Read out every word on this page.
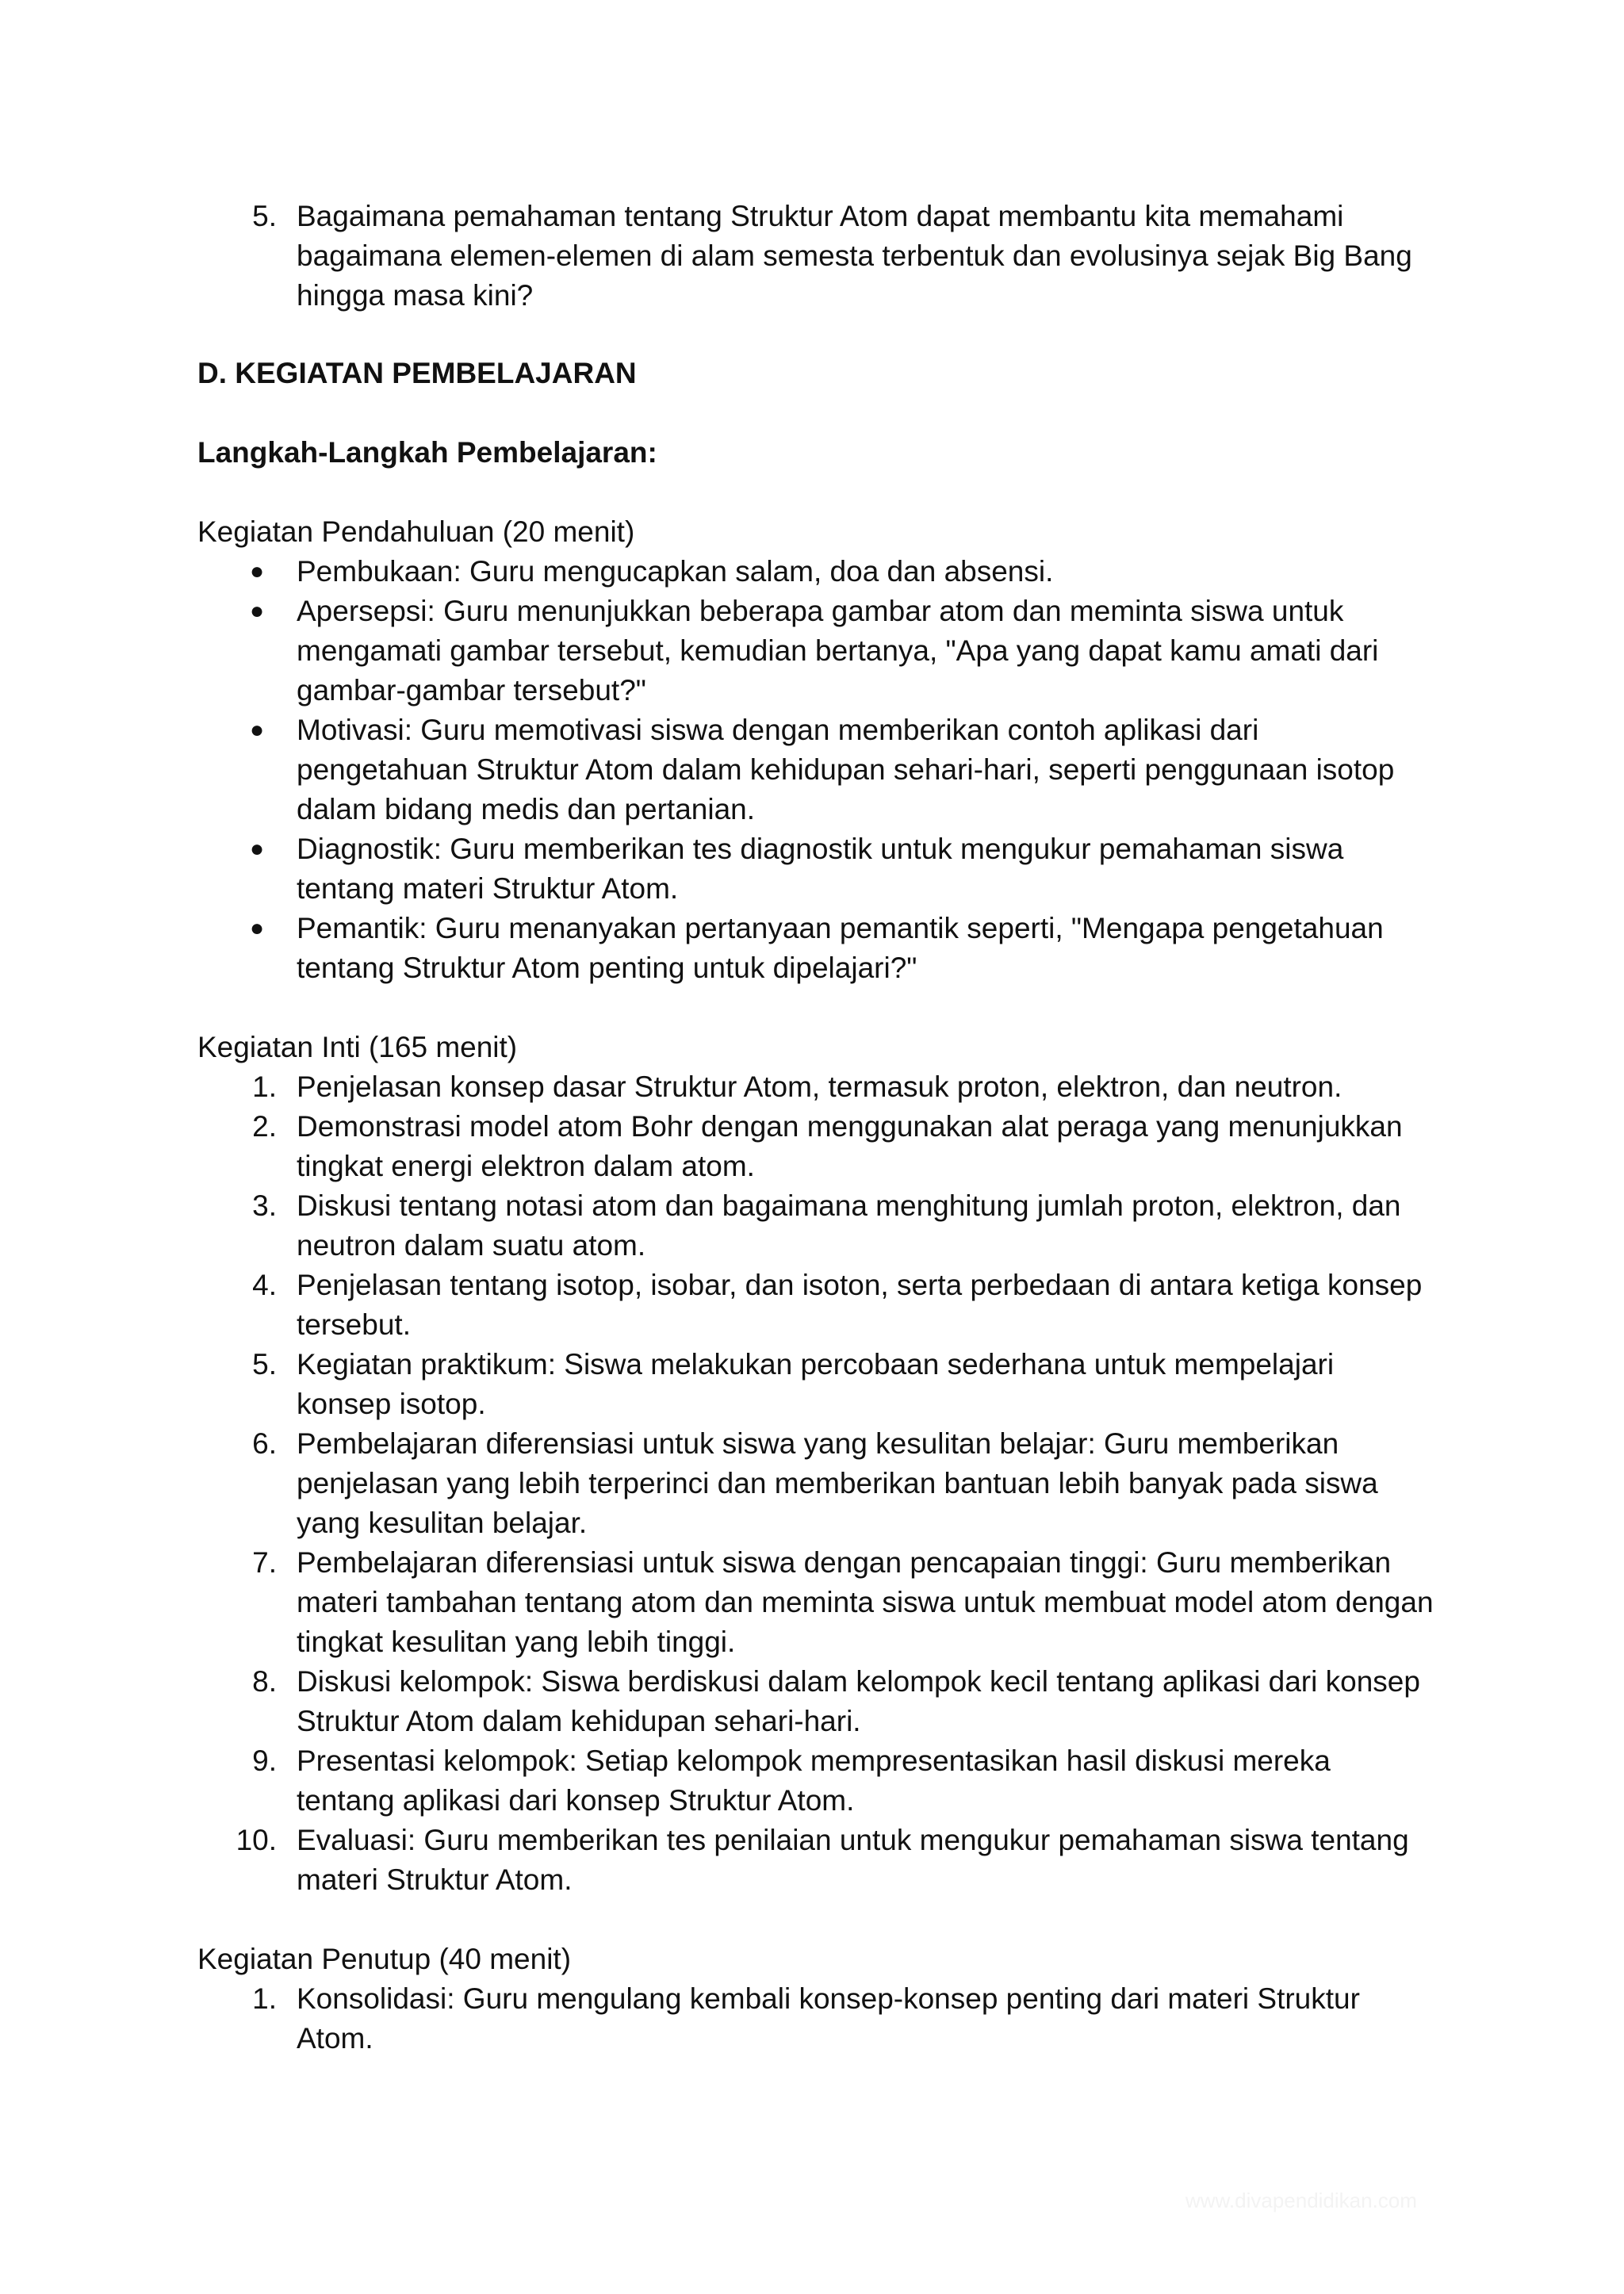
5. Bagaimana pemahaman tentang Struktur Atom dapat membantu kita memahami bagaimana elemen-elemen di alam semesta terbentuk dan evolusinya sejak Big Bang hingga masa kini?
D. KEGIATAN PEMBELAJARAN
Langkah-Langkah Pembelajaran:
Kegiatan Pendahuluan (20 menit)
● Pembukaan: Guru mengucapkan salam, doa dan absensi.
● Apersepsi: Guru menunjukkan beberapa gambar atom dan meminta siswa untuk mengamati gambar tersebut, kemudian bertanya, "Apa yang dapat kamu amati dari gambar-gambar tersebut?"
● Motivasi: Guru memotivasi siswa dengan memberikan contoh aplikasi dari pengetahuan Struktur Atom dalam kehidupan sehari-hari, seperti penggunaan isotop dalam bidang medis dan pertanian.
● Diagnostik: Guru memberikan tes diagnostik untuk mengukur pemahaman siswa tentang materi Struktur Atom.
● Pemantik: Guru menanyakan pertanyaan pemantik seperti, "Mengapa pengetahuan tentang Struktur Atom penting untuk dipelajari?"
Kegiatan Inti (165 menit)
1. Penjelasan konsep dasar Struktur Atom, termasuk proton, elektron, dan neutron.
2. Demonstrasi model atom Bohr dengan menggunakan alat peraga yang menunjukkan tingkat energi elektron dalam atom.
3. Diskusi tentang notasi atom dan bagaimana menghitung jumlah proton, elektron, dan neutron dalam suatu atom.
4. Penjelasan tentang isotop, isobar, dan isoton, serta perbedaan di antara ketiga konsep tersebut.
5. Kegiatan praktikum: Siswa melakukan percobaan sederhana untuk mempelajari konsep isotop.
6. Pembelajaran diferensiasi untuk siswa yang kesulitan belajar: Guru memberikan penjelasan yang lebih terperinci dan memberikan bantuan lebih banyak pada siswa yang kesulitan belajar.
7. Pembelajaran diferensiasi untuk siswa dengan pencapaian tinggi: Guru memberikan materi tambahan tentang atom dan meminta siswa untuk membuat model atom dengan tingkat kesulitan yang lebih tinggi.
8. Diskusi kelompok: Siswa berdiskusi dalam kelompok kecil tentang aplikasi dari konsep Struktur Atom dalam kehidupan sehari-hari.
9. Presentasi kelompok: Setiap kelompok mempresentasikan hasil diskusi mereka tentang aplikasi dari konsep Struktur Atom.
10. Evaluasi: Guru memberikan tes penilaian untuk mengukur pemahaman siswa tentang materi Struktur Atom.
Kegiatan Penutup (40 menit)
1. Konsolidasi: Guru mengulang kembali konsep-konsep penting dari materi Struktur Atom.
www.divapendidikan.com
